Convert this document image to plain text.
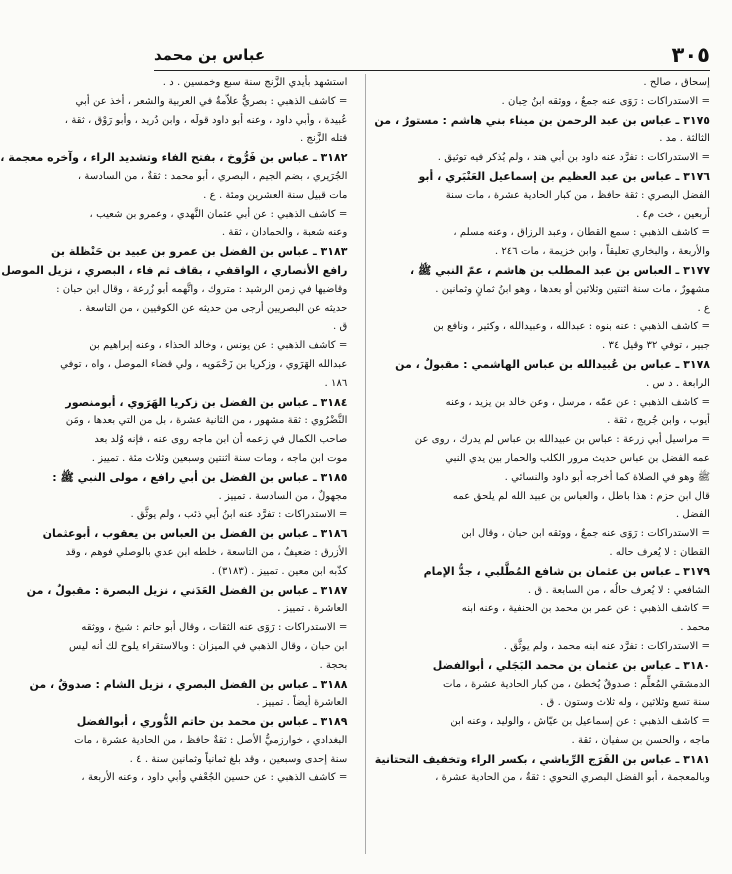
٣٠٥
عباس بن محمد
إسحاق ، صالح .
= الاستدراكات : رَوَى عنه جمعٌ ، ووثقه ابنُ حِبان .
٣١٧٥ ـ عباس بن عبد الرحمن بن ميناء بني هاشم : مستورٌ ، من
الثالثة . مد .
= الاستدراكات : تفرَّد عنه داود بن أبي هند ، ولم يُذكر فيه توثيق .
٣١٧٦ ـ عباس بن عبد العظيم بن إسماعيل العَنْبَري ، أبو
الفضل البصري : ثقة حافظ ، من كبار الحادية عشرة ، مات سنة
أربعين ، خت م٤ .
= كاشف الذهبي : سمع القطان ، وعبد الرزاق ، وعنه مسلم ،
والأربعة ، والبخاري تعليقاً ، وابن خزيمة ، مات ٢٤٦ .
٣١٧٧ ـ العباس بن عبد المطلب بن هاشم ، عمّ النبي ﷺ ،
مشهورٌ ، مات سنة اثنتين وثلاثين أو بعدها ، وهو ابنُ ثمانٍ وثمانين .
ع .
= كاشف الذهبي : عنه بنوه : عبدالله ، وعبيدالله ، وكثير ، ونافع بن
جبير ، توفي ٣٢ وقيل ٣٤ .
٣١٧٨ ـ عباس بن عُبيدالله بن عباس الهاشمي : مقبولٌ ، من
الرابعة . د س .
= كاشف الذهبي : عن عمّه ، مرسل ، وعن خالد بن يزيد ، وعنه
أيوب ، وابن جُريج ، ثقة .
= مراسيل أبي زرعة : عباس بن عبيدالله بن عباس لم يدرك ، روى عن
عمه الفضل بن عباس حديث مرور الكلب والحمار بين يدي النبي
ﷺ وهو في الصلاة كما أخرجه أبو داود والنسائي .
قال ابن حزم : هذا باطل ، والعباس بن عبيد الله لم يلحق عمه
الفضل .
= الاستدراكات : رَوَى عنه جمعٌ ، ووثقه ابن حبان ، وقال ابن
القطان : لا يُعرف حاله .
٣١٧٩ ـ عباس بن عثمان بن شافع المُطَّلبي ، جدُّ الإمام
الشافعي : لا يُعرف حالُه ، من السابعة . ق .
= كاشف الذهبي : عن عمر بن محمد بن الحنفية ، وعنه ابنه
محمد .
= الاستدراكات : تفرَّد عنه ابنه محمد ، ولم يوثَّق .
٣١٨٠ ـ عباس بن عثمان بن محمد البَجَلي ، أبوالفضل
الدمشقي المُعلِّم : صدوقٌ يُخطئ ، من كبار الحادية عشرة ، مات
سنة تسع وثلاثين ، وله ثلاث وستون . ق .
= كاشف الذهبي : عن إسماعيل بن عيّاش ، والوليد ، وعنه ابن
ماجه ، والحسن بن سفيان ، ثقة .
٣١٨١ ـ عباس بن الفَرَج الرِّياشي ، بكسر الراء وتخفيف التحتانية
وبالمعجمة ، أبو الفضل البصري النحوي : ثقةٌ ، من الحادية عشرة ،
استشهد بأيدي الزَّنج سنة سبع وخمسين . د .
= كاشف الذهبي : بصريٌّ علاّمةٌ في العربية والشعر ، أخذ عن أبي
عُبيدة ، وأبي داود ، وعنه أبو داود قولَه ، وابن دُريد ، وأبو رَوْق ، ثقة ،
قتله الزَّنج .
٣١٨٢ ـ عباس بن فَرُّوخ ، بفتح الفاء وتشديد الراء ، وآخره معجمة ،
الجُرَيري ، بضم الجيم ، البصري ، أبو محمد : ثقةٌ ، من السادسة ،
مات قبيل سنة العشرين ومئة . ع .
= كاشف الذهبي : عن أبي عثمان النَّهدي ، وعمرو بن شعيب ،
وعنه شعبة ، والحمادان ، ثقة .
٣١٨٣ ـ عباس بن الفضل بن عمرو بن عبيد بن حَنْظلة بن
رافع الأنصاري ، الواقفي ، بقاف ثم فاء ، البصري ، نزيل الموصل
وقاضيها في زمن الرشيد : متروك ، واتَّهمه أبو زُرعة ، وقال ابن حبان :
حديثه عن البصريين أرجى من حديثه عن الكوفيين ، من التاسعة .
ق .
= كاشف الذهبي : عن يونس ، وخالد الحذاء ، وعنه إبراهيم بن
عبدالله الهَرَوي ، وزكريا بن زَحْمَويه ، ولي قضاء الموصل ، واه ، توفي
١٨٦ .
٣١٨٤ ـ عباس بن الفضل بن زكريا الهَرَوي ، أبومنصور
النَّضْرُوي : ثقة مشهور ، من الثانية عشرة ، بل من التي بعدها ، ومَن
صاحب الكمال في زعمه أن ابن ماجه روى عنه ، فإنه وُلد بعد
موت ابن ماجه ، ومات سنة اثنتين وسبعين وثلاث مئة . تمييز .
٣١٨٥ ـ عباس بن الفضل بن أبي رافع ، مولى النبي ﷺ :
مجهولٌ ، من السادسة . تمييز .
= الاستدراكات : تفرَّد عنه ابنُ أبي ذئب ، ولم يوثَّق .
٣١٨٦ ـ عباس بن الفضل بن العباس بن يعقوب ، أبوعثمان
الأزرق : ضعيفٌ ، من التاسعة ، خلطه ابن عدي بالوصلي فوهم ، وقد
كذّبه ابن معين . تمييز . (٣١٨٣) .
٣١٨٧ ـ عباس بن الفضل العَدَني ، نزيل البصرة : مقبولٌ ، من
العاشرة . تمييز .
= الاستدراكات : رَوَى عنه الثقات ، وقال أبو حاتم : شيخ ، ووثقه
ابن حبان ، وقال الذهبي في الميزان : وبالاستقراء يلوح لك أنه ليس
بحجة .
٣١٨٨ ـ عباس بن الفضل البصري ، نزيل الشام : صدوقٌ ، من
العاشرة أيضاً . تمييز .
٣١٨٩ ـ عباس بن محمد بن حاتم الدُّوري ، أبوالفضل
البغدادي ، خوارزميُّ الأصل : ثقةٌ حافظ ، من الحادية عشرة ، مات
سنة إحدى وسبعين ، وقد بلغ ثمانياً وثمانين سنة . ٤ .
= كاشف الذهبي : عن حسين الجُعْفي وأبي داود ، وعنه الأربعة ،
